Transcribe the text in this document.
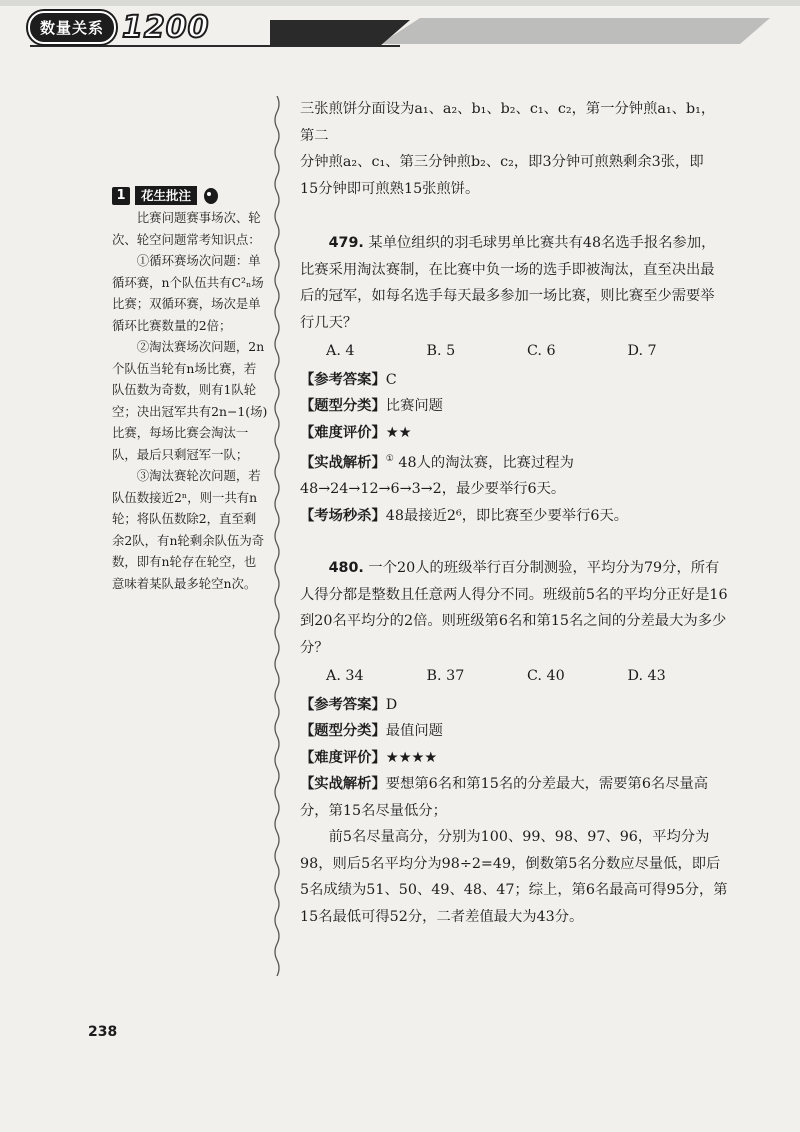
数量关系 1200
1	花生批注

比赛问题赛事场次、轮次、轮空问题常考知识点：

①循环赛场次问题：单循环赛，n个队伍共有C²ₙ场比赛；双循环赛，场次是单循环比赛数量的2倍；

②淘汰赛场次问题，2n个队伍当轮有n场比赛，若队伍数为奇数，则有1队轮空；决出冠军共有2n−1(场)比赛，每场比赛会淘汰一队，最后只剩冠军一队；

③淘汰赛轮次问题，若队伍数接近2ⁿ，则一共有n轮；将队伍数除2，直至剩余2队，有n轮剩余队伍为奇数，即有n轮存在轮空，也意味着某队最多轮空n次。

三张煎饼分面设为a₁、a₂、b₁、b₂、c₁、c₂，第一分钟煎a₁、b₁，第二

分钟煎a₂、c₁、第三分钟煎b₂、c₂，即3分钟可煎熟剩余3张，即

15分钟即可煎熟15张煎饼。

479. 某单位组织的羽毛球男单比赛共有48名选手报名参加，比赛采用淘汰赛制，在比赛中负一场的选手即被淘汰，直至决出最后的冠军，如每名选手每天最多参加一场比赛，则比赛至少需要举行几天？

A. 4	B. 5	C. 6	D. 7

【参考答案】C

【题型分类】比赛问题

【难度评价】★★

【实战解析】① 48人的淘汰赛，比赛过程为48→24→12→6→3→2，最少要举行6天。

【考场秒杀】48最接近2⁶，即比赛至少要举行6天。

480. 一个20人的班级举行百分制测验，平均分为79分，所有人得分都是整数且任意两人得分不同。班级前5名的平均分正好是16到20名平均分的2倍。则班级第6名和第15名之间的分差最大为多少分？

A. 34	B. 37	C. 40	D. 43

【参考答案】D

【题型分类】最值问题

【难度评价】★★★★

【实战解析】要想第6名和第15名的分差最大，需要第6名尽量高分，第15名尽量低分；

前5名尽量高分，分别为100、99、98、97、96，平均分为98，则后5名平均分为98÷2=49，倒数第5名分数应尽量低，即后5名成绩为51、50、49、48、47；综上，第6名最高可得95分，第15名最低可得52分，二者差值最大为43分。

238
